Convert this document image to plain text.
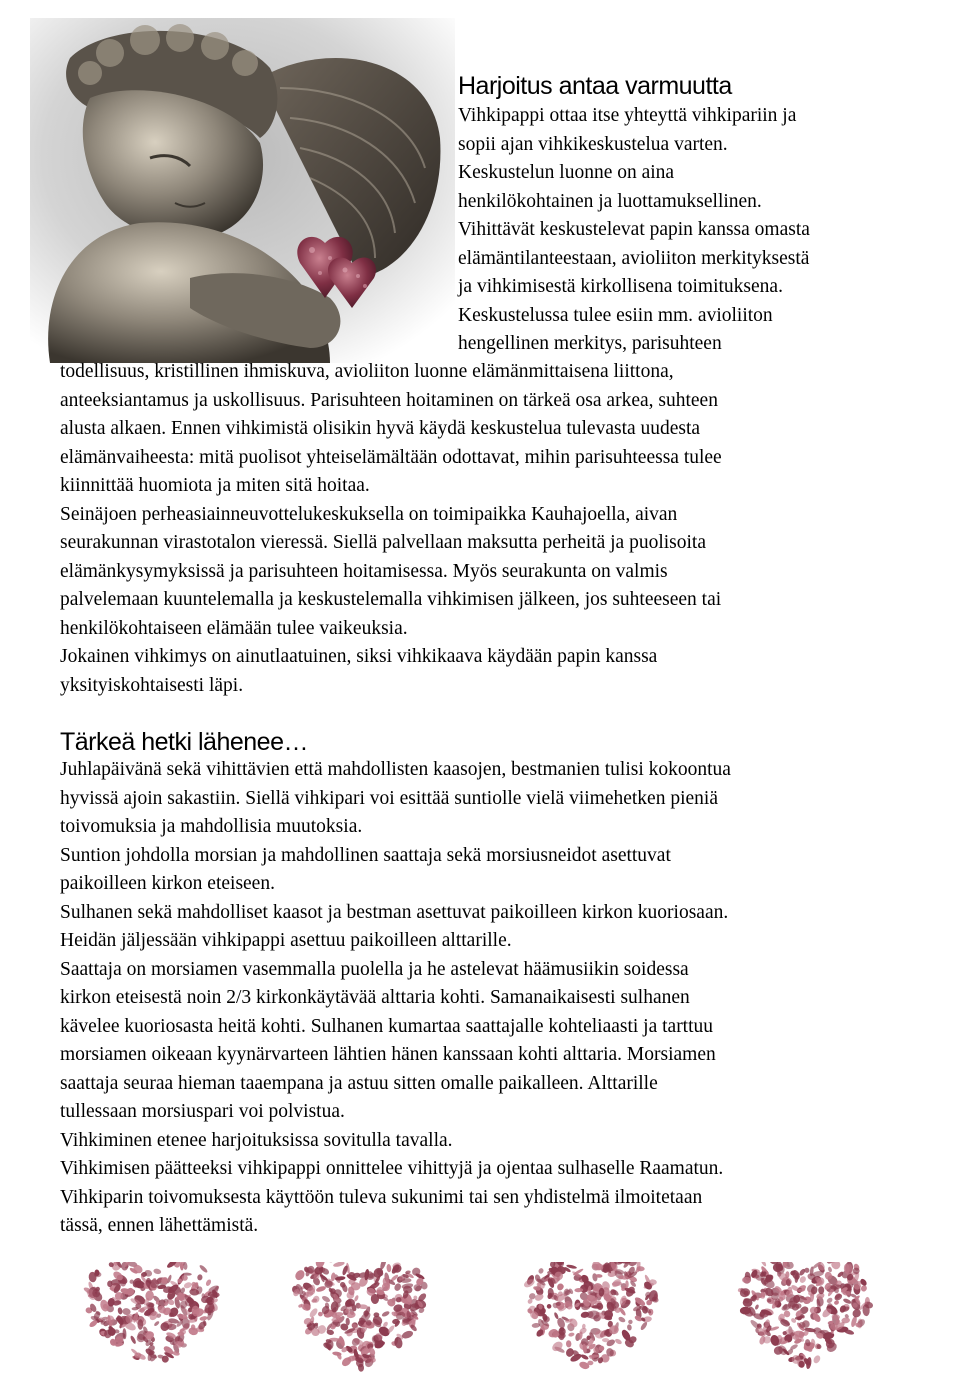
Harjoitus antaa varmuutta
Vihkipappi ottaa itse yhteyttä vihkipariin ja
sopii ajan vihkikeskustelua varten.
Keskustelun luonne on aina
henkilökohtainen ja luottamuksellinen.
Vihittävät keskustelevat papin kanssa omasta
elämäntilanteestaan, avioliiton merkityksestä
ja vihkimisestä kirkollisena toimituksena.
Keskustelussa tulee esiin mm. avioliiton
hengellinen merkitys, parisuhteen
todellisuus, kristillinen ihmiskuva, avioliiton luonne elämänmittaisena liittona,
anteeksiantamus ja uskollisuus. Parisuhteen hoitaminen on tärkeä osa arkea, suhteen
alusta alkaen. Ennen vihkimistä olisikin hyvä käydä keskustelua tulevasta uudesta
elämänvaiheesta: mitä puolisot yhteiselämältään odottavat, mihin parisuhteessa tulee
kiinnittää huomiota ja miten sitä hoitaa.
Seinäjoen perheasiainneuvottelukeskuksella on toimipaikka Kauhajoella, aivan
seurakunnan virastotalon vieressä. Siellä palvellaan maksutta perheitä ja puolisoita
elämänkysymyksissä ja parisuhteen hoitamisessa. Myös seurakunta on valmis
palvelemaan kuuntelemalla ja keskustelemalla vihkimisen jälkeen, jos suhteeseen tai
henkilökohtaiseen elämään tulee vaikeuksia.
Jokainen vihkimys on ainutlaatuinen, siksi vihkikaava käydään papin kanssa
yksityiskohtaisesti läpi.
Tärkeä hetki lähenee…
Juhlapäivänä sekä vihittävien että mahdollisten kaasojen, bestmanien tulisi kokoontua
hyvissä ajoin sakastiin. Siellä vihkipari voi esittää suntiolle vielä viimehetken pieniä
toivomuksia ja mahdollisia muutoksia.
Suntion johdolla morsian ja mahdollinen saattaja sekä morsiusneidot asettuvat
paikoilleen kirkon eteiseen.
Sulhanen sekä mahdolliset kaasot ja bestman asettuvat paikoilleen kirkon kuoriosaan.
Heidän jäljessään vihkipappi asettuu paikoilleen alttarille.
Saattaja on morsiamen vasemmalla puolella ja he astelevat häämusiikin soidessa
kirkon eteisestä noin 2/3 kirkonkäytävää alttaria kohti. Samanaikaisesti sulhanen
kävelee kuoriosasta heitä kohti. Sulhanen kumartaa saattajalle kohteliaasti ja tarttuu
morsiamen oikeaan kyynärvarteen lähtien hänen kanssaan kohti alttaria. Morsiamen
saattaja seuraa hieman taaempana ja astuu sitten omalle paikalleen. Alttarille
tullessaan morsiuspari voi polvistua.
Vihkiminen etenee harjoituksissa sovitulla tavalla.
Vihkimisen päätteeksi vihkipappi onnittelee vihittyjä ja ojentaa sulhaselle Raamatun.
Vihkiparin toivomuksesta käyttöön tuleva sukunimi tai sen yhdistelmä ilmoitetaan
tässä, ennen lähettämistä.
